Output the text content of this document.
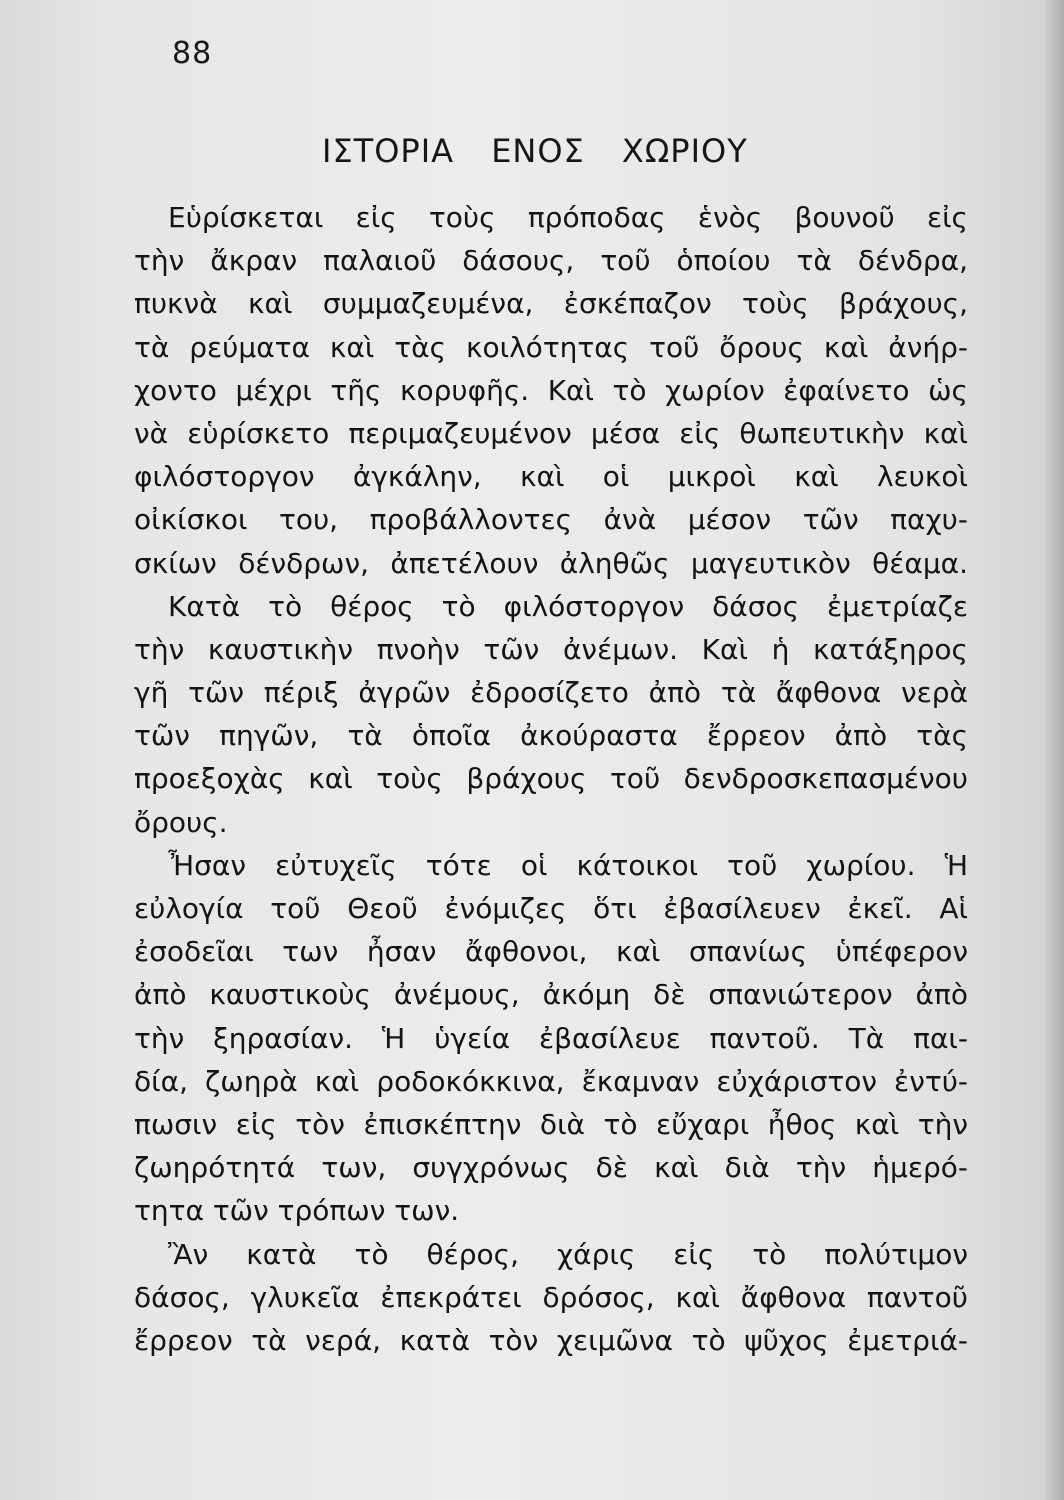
88
ΙΣΤΟΡΙΑ ΕΝΟΣ ΧΩΡΙΟΥ
Εὑρίσκεται εἰς τοὺς πρόποδας ἑνὸς βουνοῦ εἰς
τὴν ἄκραν παλαιοῦ δάσους, τοῦ ὁποίου τὰ δένδρα,
πυκνὰ καὶ συμμαζευμένα, ἐσκέπαζον τοὺς βράχους,
τὰ ρεύματα καὶ τὰς κοιλότητας τοῦ ὄρους καὶ ἀνήρ-
χοντο μέχρι τῆς κορυφῆς. Καὶ τὸ χωρίον ἐφαίνετο ὡς
νὰ εὑρίσκετο περιμαζευμένον μέσα εἰς θωπευτικὴν καὶ
φιλόστοργον ἀγκάλην, καὶ οἱ μικροὶ καὶ λευκοὶ
οἰκίσκοι του, προβάλλοντες ἀνὰ μέσον τῶν παχυ-
σκίων δένδρων, ἀπετέλουν ἀληθῶς μαγευτικὸν θέαμα.
Κατὰ τὸ θέρος τὸ φιλόστοργον δάσος ἐμετρίαζε
τὴν καυστικὴν πνοὴν τῶν ἀνέμων. Καὶ ἡ κατάξηρος
γῆ τῶν πέριξ ἀγρῶν ἐδροσίζετο ἀπὸ τὰ ἄφθονα νερὰ
τῶν πηγῶν, τὰ ὁποῖα ἀκούραστα ἔρρεον ἀπὸ τὰς
προεξοχὰς καὶ τοὺς βράχους τοῦ δενδροσκεπασμένου
ὄρους.
Ἦσαν εὐτυχεῖς τότε οἱ κάτοικοι τοῦ χωρίου. Ἡ
εὐλογία τοῦ Θεοῦ ἐνόμιζες ὅτι ἐβασίλευεν ἐκεῖ. Αἱ
ἐσοδεῖαι των ἦσαν ἄφθονοι, καὶ σπανίως ὑπέφερον
ἀπὸ καυστικοὺς ἀνέμους, ἀκόμη δὲ σπανιώτερον ἀπὸ
τὴν ξηρασίαν. Ἡ ὑγεία ἐβασίλευε παντοῦ. Τὰ παι-
δία, ζωηρὰ καὶ ροδοκόκκινα, ἔκαμναν εὐχάριστον ἐντύ-
πωσιν εἰς τὸν ἐπισκέπτην διὰ τὸ εὔχαρι ἦθος καὶ τὴν
ζωηρότητά των, συγχρόνως δὲ καὶ διὰ τὴν ἡμερό-
τητα τῶν τρόπων των.
Ἂν κατὰ τὸ θέρος, χάρις εἰς τὸ πολύτιμον
δάσος, γλυκεῖα ἐπεκράτει δρόσος, καὶ ἄφθονα παντοῦ
ἔρρεον τὰ νερά, κατὰ τὸν χειμῶνα τὸ ψῦχος ἐμετριά-
